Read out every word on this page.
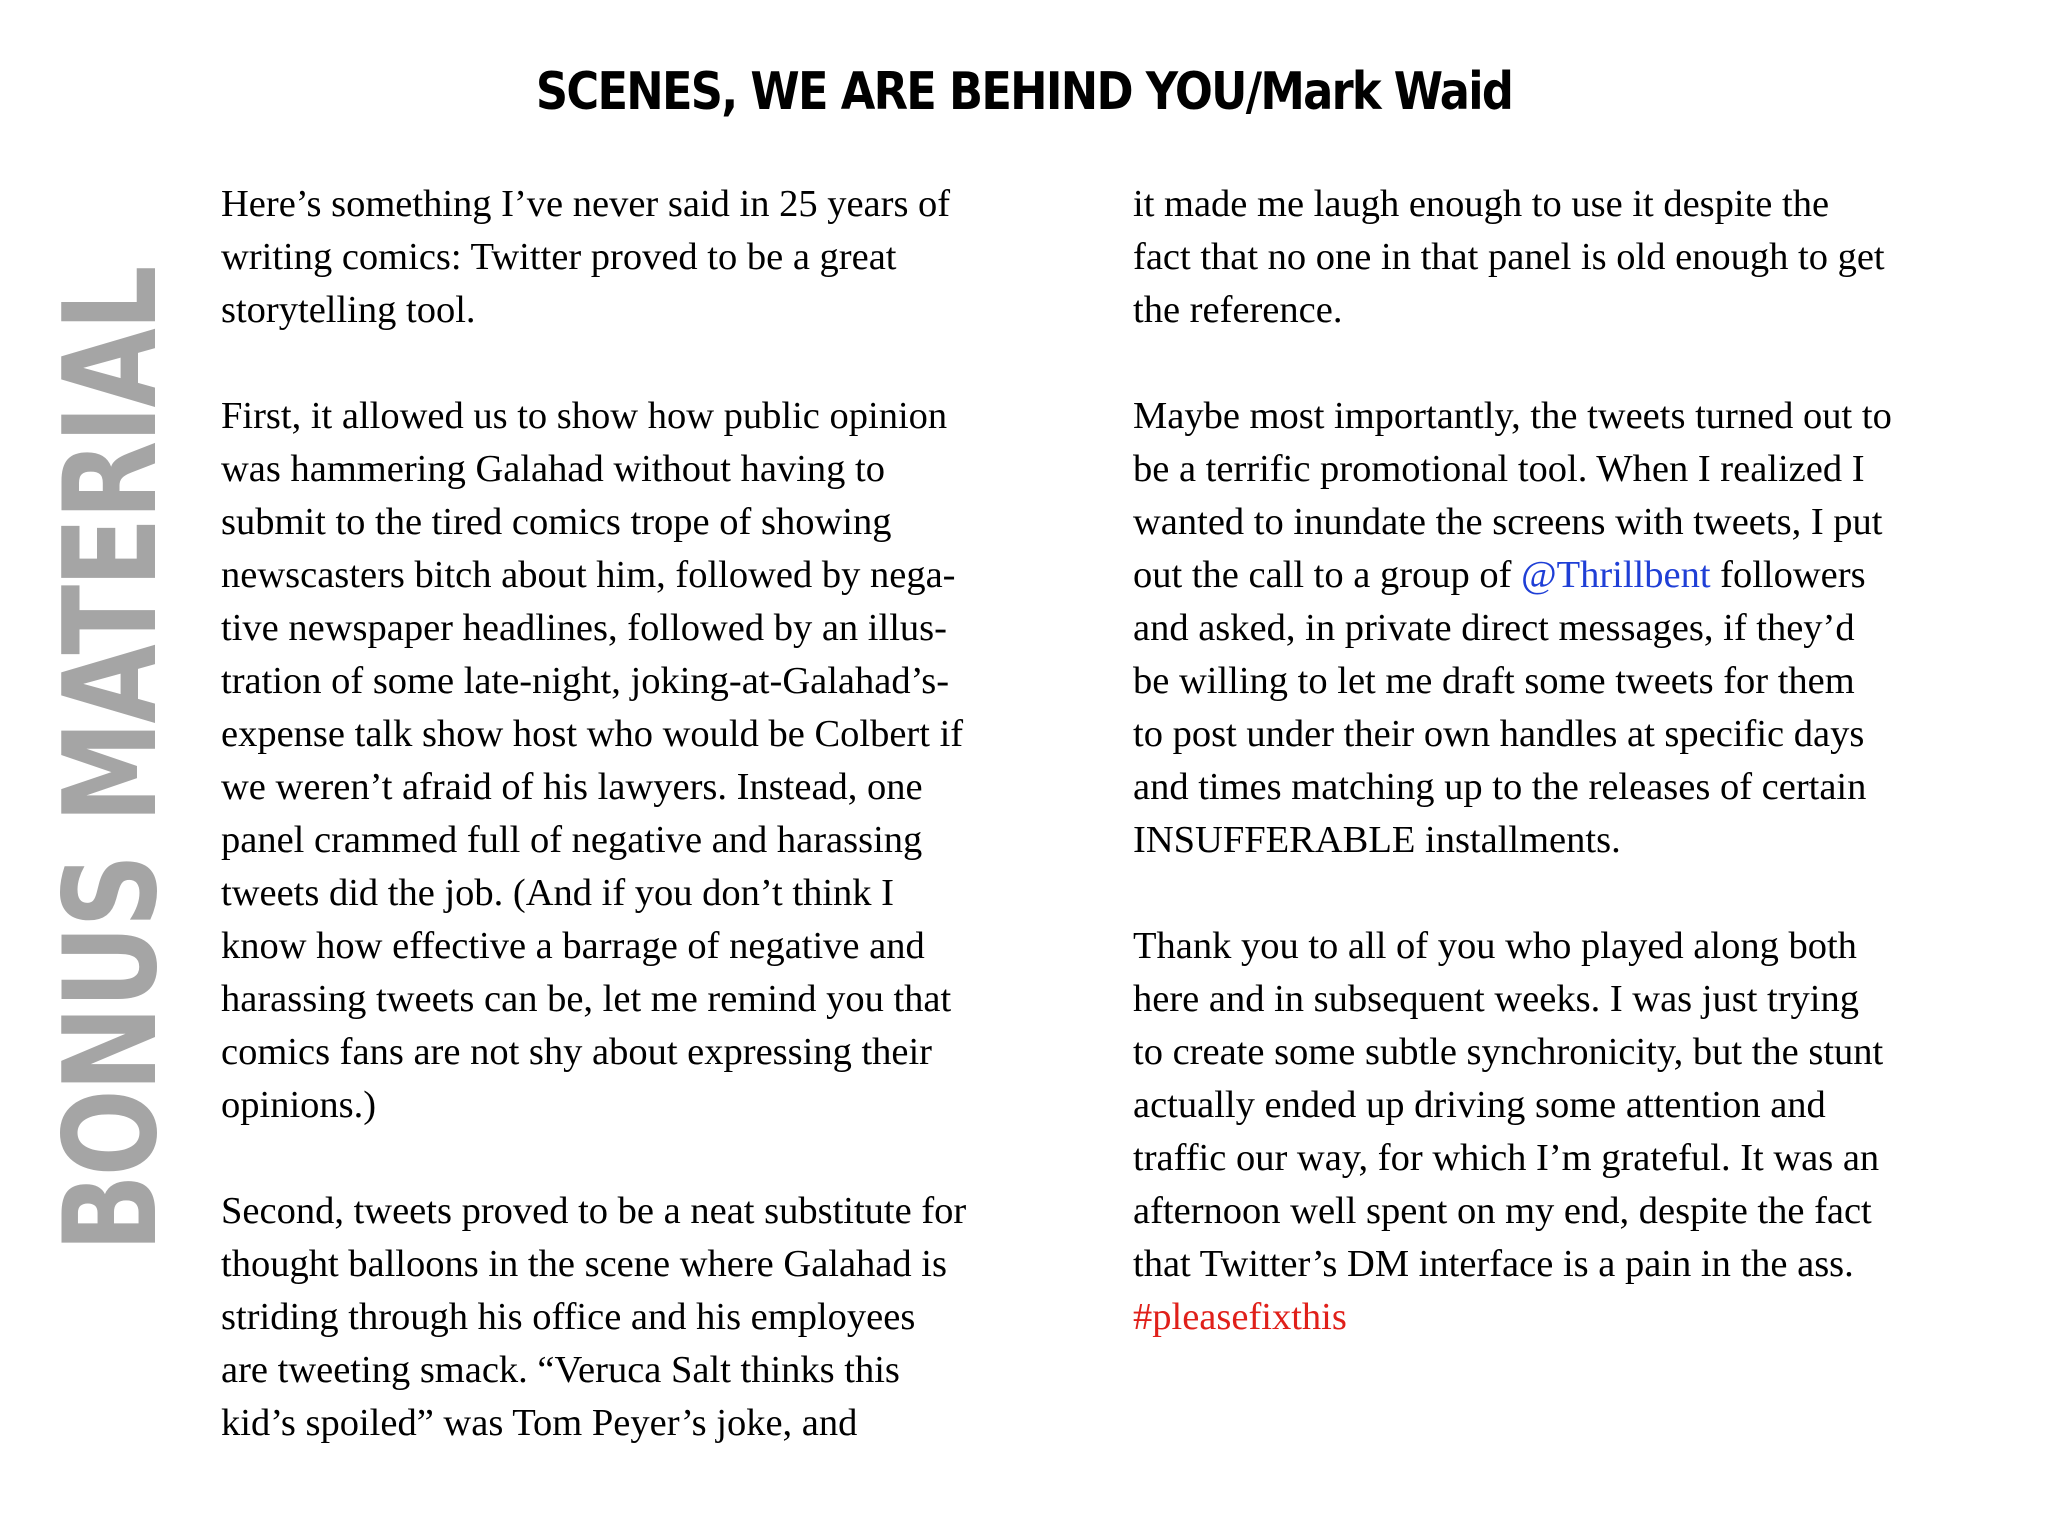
SCENES, WE ARE BEHIND YOU/Mark Waid
BONUS MATERIAL

Here’s something I’ve never said in 25 years of
writing comics: Twitter proved to be a great
storytelling tool.

First, it allowed us to show how public opinion
was hammering Galahad without having to
submit to the tired comics trope of showing
newscasters bitch about him, followed by nega-
tive newspaper headlines, followed by an illus-
tration of some late-night, joking-at-Galahad’s-
expense talk show host who would be Colbert if
we weren’t afraid of his lawyers. Instead, one
panel crammed full of negative and harassing
tweets did the job. (And if you don’t think I
know how effective a barrage of negative and
harassing tweets can be, let me remind you that
comics fans are not shy about expressing their
opinions.)

Second, tweets proved to be a neat substitute for
thought balloons in the scene where Galahad is
striding through his office and his employees
are tweeting smack. “Veruca Salt thinks this
kid’s spoiled” was Tom Peyer’s joke, and

it made me laugh enough to use it despite the
fact that no one in that panel is old enough to get
the reference.

Maybe most importantly, the tweets turned out to
be a terrific promotional tool. When I realized I
wanted to inundate the screens with tweets, I put
out the call to a group of @Thrillbent followers
and asked, in private direct messages, if they’d
be willing to let me draft some tweets for them
to post under their own handles at specific days
and times matching up to the releases of certain
INSUFFERABLE installments.

Thank you to all of you who played along both
here and in subsequent weeks. I was just trying
to create some subtle synchronicity, but the stunt
actually ended up driving some attention and
traffic our way, for which I’m grateful. It was an
afternoon well spent on my end, despite the fact
that Twitter’s DM interface is a pain in the ass.
#pleasefixthis
